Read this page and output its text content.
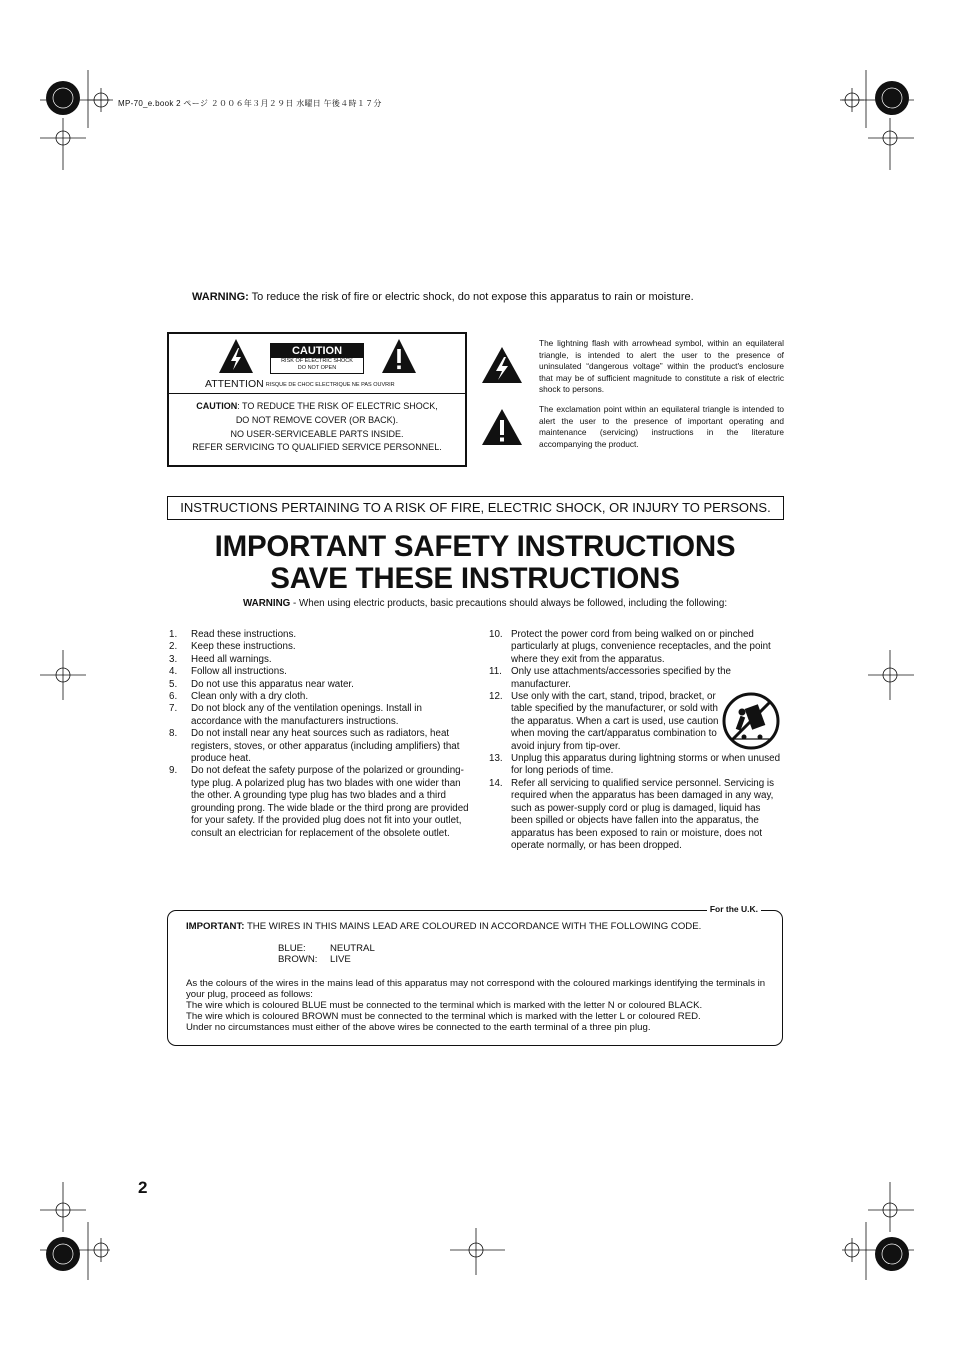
MP-70_e.book 2 ページ ２００６年３月２９日 水曜日 午後４時１７分
WARNING: To reduce the risk of fire or electric shock, do not expose this apparatus to rain or moisture.
CAUTION
RISK OF ELECTRIC SHOCK
DO NOT OPEN
ATTENTION RISQUE DE CHOC ELECTRIQUE NE PAS OUVRIR
CAUTION: TO REDUCE THE RISK OF ELECTRIC SHOCK,
DO NOT REMOVE COVER (OR BACK).
NO USER-SERVICEABLE PARTS INSIDE.
REFER SERVICING TO QUALIFIED SERVICE PERSONNEL.
The lightning flash with arrowhead symbol, within an equilateral triangle, is intended to alert the user to the presence of uninsulated “dangerous voltage” within the product's enclosure that may be of sufficient magnitude to constitute a risk of electric shock to persons.
The exclamation point within an equilateral triangle is intended to alert the user to the presence of important operating and maintenance (servicing) instructions in the literature accompanying the product.
INSTRUCTIONS PERTAINING TO A RISK OF FIRE, ELECTRIC SHOCK, OR INJURY TO PERSONS.
IMPORTANT SAFETY INSTRUCTIONS
SAVE THESE INSTRUCTIONS
WARNING - When using electric products, basic precautions should always be followed, including the following:
1. Read these instructions.
2. Keep these instructions.
3. Heed all warnings.
4. Follow all instructions.
5. Do not use this apparatus near water.
6. Clean only with a dry cloth.
7. Do not block any of the ventilation openings. Install in accordance with the manufacturers instructions.
8. Do not install near any heat sources such as radiators, heat registers, stoves, or other apparatus (including amplifiers) that produce heat.
9. Do not defeat the safety purpose of the polarized or grounding-type plug. A polarized plug has two blades with one wider than the other. A grounding type plug has two blades and a third grounding prong. The wide blade or the third prong are provided for your safety. If the provided plug does not fit into your outlet, consult an electrician for replacement of the obsolete outlet.
10. Protect the power cord from being walked on or pinched particularly at plugs, convenience receptacles, and the point where they exit from the apparatus.
11. Only use attachments/accessories specified by the manufacturer.
12. Use only with the cart, stand, tripod, bracket, or table specified by the manufacturer, or sold with the apparatus. When a cart is used, use caution when moving the cart/apparatus combination to avoid injury from tip-over.
13. Unplug this apparatus during lightning storms or when unused for long periods of time.
14. Refer all servicing to qualified service personnel. Servicing is required when the apparatus has been damaged in any way, such as power-supply cord or plug is damaged, liquid has been spilled or objects have fallen into the apparatus, the apparatus has been exposed to rain or moisture, does not operate normally, or has been dropped.
For the U.K.
IMPORTANT: THE WIRES IN THIS MAINS LEAD ARE COLOURED IN ACCORDANCE WITH THE FOLLOWING CODE.
BLUE:	NEUTRAL
BROWN: LIVE
As the colours of the wires in the mains lead of this apparatus may not correspond with the coloured markings identifying the terminals in your plug, proceed as follows:
The wire which is coloured BLUE must be connected to the terminal which is marked with the letter N or coloured BLACK.
The wire which is coloured BROWN must be connected to the terminal which is marked with the letter L or coloured RED.
Under no circumstances must either of the above wires be connected to the earth terminal of a three pin plug.
2
